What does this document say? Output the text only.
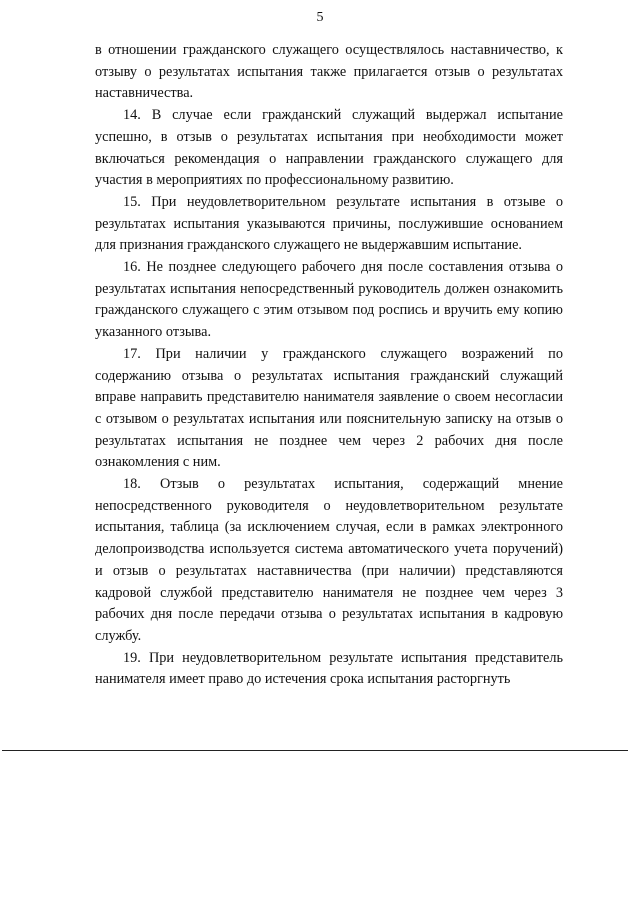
5

в отношении гражданского служащего осуществлялось наставничество, к отзыву о результатах испытания также прилагается отзыв о результатах наставничества.

14. В случае если гражданский служащий выдержал испытание успешно, в отзыв о результатах испытания при необходимости может включаться рекомендация о направлении гражданского служащего для участия в мероприятиях по профессиональному развитию.

15. При неудовлетворительном результате испытания в отзыве о результатах испытания указываются причины, послужившие основанием для признания гражданского служащего не выдержавшим испытание.

16. Не позднее следующего рабочего дня после составления отзыва о результатах испытания непосредственный руководитель должен ознакомить гражданского служащего с этим отзывом под роспись и вручить ему копию указанного отзыва.

17. При наличии у гражданского служащего возражений по содержанию отзыва о результатах испытания гражданский служащий вправе направить представителю нанимателя заявление о своем несогласии с отзывом о результатах испытания или пояснительную записку на отзыв о результатах испытания не позднее чем через 2 рабочих дня после ознакомления с ним.

18. Отзыв о результатах испытания, содержащий мнение непосредственного руководителя о неудовлетворительном результате испытания, таблица (за исключением случая, если в рамках электронного делопроизводства используется система автоматического учета поручений) и отзыв о результатах наставничества (при наличии) представляются кадровой службой представителю нанимателя не позднее чем через 3 рабочих дня после передачи отзыва о результатах испытания в кадровую службу.

19. При неудовлетворительном результате испытания представитель нанимателя имеет право до истечения срока испытания расторгнуть
